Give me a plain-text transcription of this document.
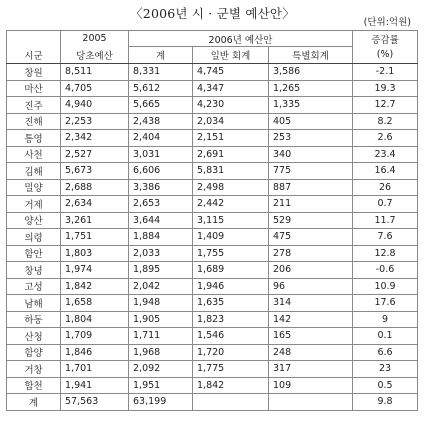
〈2006년 시 · 군별 예산안〉
(단위:억원)
	2005	2006년 예산안			증감률
시군	당초예산	계	일반 회계	특별회계	(%)
창원	8,511	8,331	4,745	3,586	-2.1
마산	4,705	5,612	4,347	1,265	19.3
진주	4,940	5,665	4,230	1,335	12.7
진해	2,253	2,438	2,034	405	8.2
통영	2,342	2,404	2,151	253	2.6
사천	2,527	3,031	2,691	340	23.4
김해	5,673	6,606	5,831	775	16.4
밀양	2,688	3,386	2,498	887	26
거제	2,634	2,653	2,442	211	0.7
양산	3,261	3,644	3,115	529	11.7
의령	1,751	1,884	1,409	475	7.6
함안	1,803	2,033	1,755	278	12.8
창녕	1,974	1,895	1,689	206	-0.6
고성	1,842	2,042	1,946	96	10.9
남해	1,658	1,948	1,635	314	17.6
하동	1,804	1,905	1,823	142	9
산청	1,709	1,711	1,546	165	0.1
함양	1,846	1,968	1,720	248	6.6
거창	1,701	2,092	1,775	317	23
합천	1,941	1,951	1,842	109	0.5
계	57,563	63,199			9.8
